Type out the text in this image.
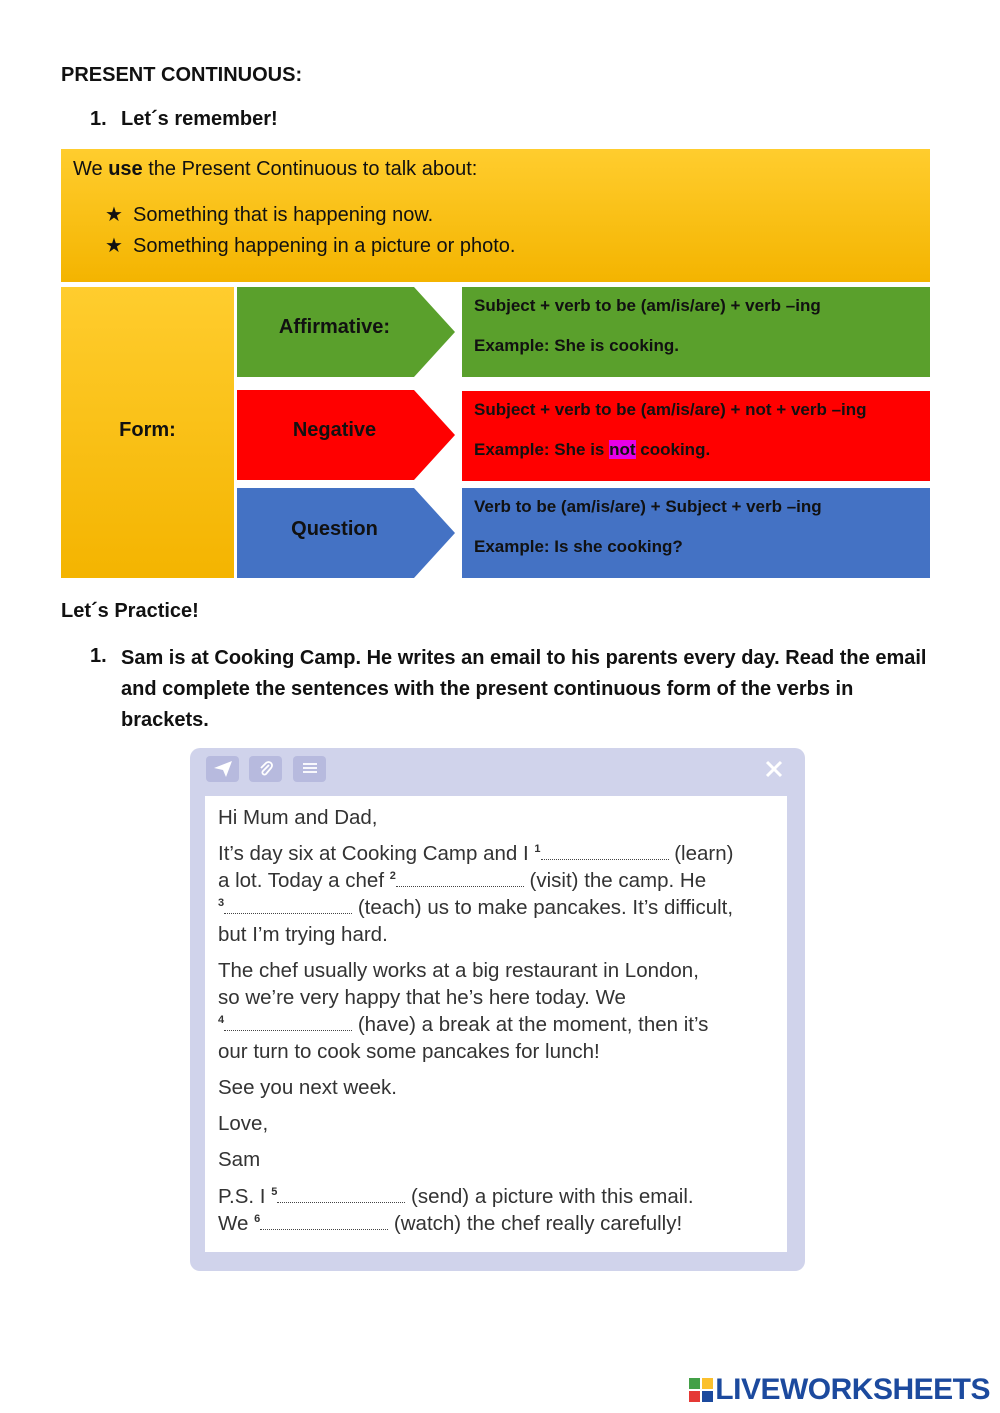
PRESENT CONTINUOUS:
1. Let´s remember!
We use the Present Continuous to talk about:
★ Something that is happening now.
★ Something happening in a picture or photo.
Form:
Affirmative:
Subject + verb to be (am/is/are) + verb –ing
Example: She is cooking.
Negative
Subject + verb to be (am/is/are) + not + verb –ing
Example: She is not cooking.
Question
Verb to be (am/is/are) + Subject + verb –ing
Example: Is she cooking?
Let´s Practice!
1. Sam is at Cooking Camp. He writes an email to his parents every day. Read the email and complete the sentences with the present continuous form of the verbs in brackets.
Hi Mum and Dad,
It’s day six at Cooking Camp and I $^1$	(learn)
a lot. Today a chef $^2$	(visit) the camp. He
$^3$	(teach) us to make pancakes. It’s difficult,
but I’m trying hard.
The chef usually works at a big restaurant in London,
so we’re very happy that he’s here today. We
$^4$	(have) a break at the moment, then it’s
our turn to cook some pancakes for lunch!
See you next week.
Love,
Sam
P.S. I $^5$	(send) a picture with this email.
We $^6$	(watch) the chef really carefully!
LIVEWORKSHEETS
